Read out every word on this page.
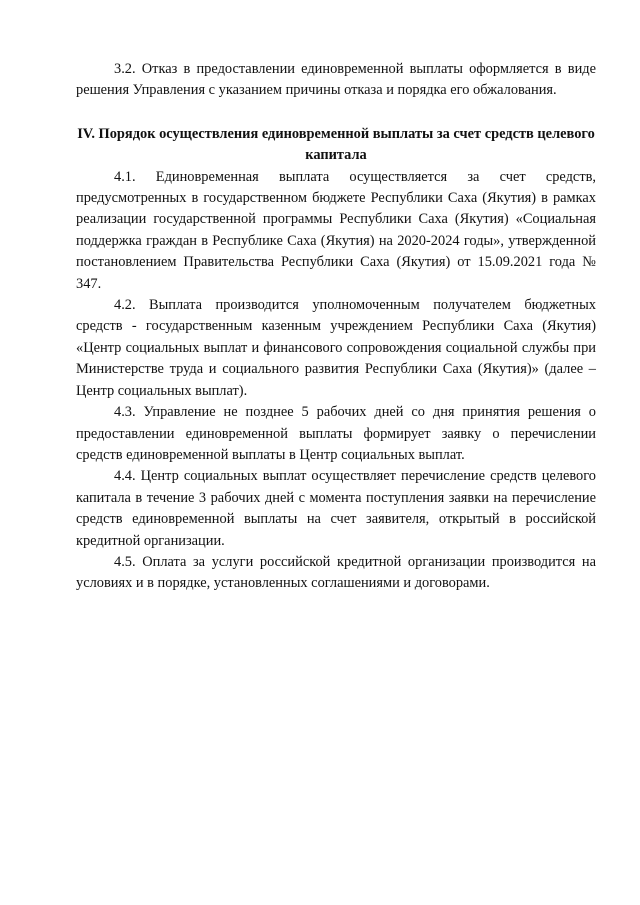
3.2. Отказ в предоставлении единовременной выплаты оформляется в виде решения Управления с указанием причины отказа и порядка его обжалования.

IV. Порядок осуществления единовременной выплаты за счет средств целевого капитала

4.1. Единовременная выплата осуществляется за счет средств, предусмотренных в государственном бюджете Республики Саха (Якутия) в рамках реализации государственной программы Республики Саха (Якутия) «Социальная поддержка граждан в Республике Саха (Якутия) на 2020-2024 годы», утвержденной постановлением Правительства Республики Саха (Якутия) от 15.09.2021 года № 347.

4.2. Выплата производится уполномоченным получателем бюджетных средств - государственным казенным учреждением Республики Саха (Якутия) «Центр социальных выплат и финансового сопровождения социальной службы при Министерстве труда и социального развития Республики Саха (Якутия)» (далее – Центр социальных выплат).

4.3. Управление не позднее 5 рабочих дней со дня принятия решения о предоставлении единовременной выплаты формирует заявку о перечислении средств единовременной выплаты в Центр социальных выплат.

4.4. Центр социальных выплат осуществляет перечисление средств целевого капитала в течение 3 рабочих дней с момента поступления заявки на перечисление средств единовременной выплаты на счет заявителя, открытый в российской кредитной организации.

4.5. Оплата за услуги российской кредитной организации производится на условиях и в порядке, установленных соглашениями и договорами.
